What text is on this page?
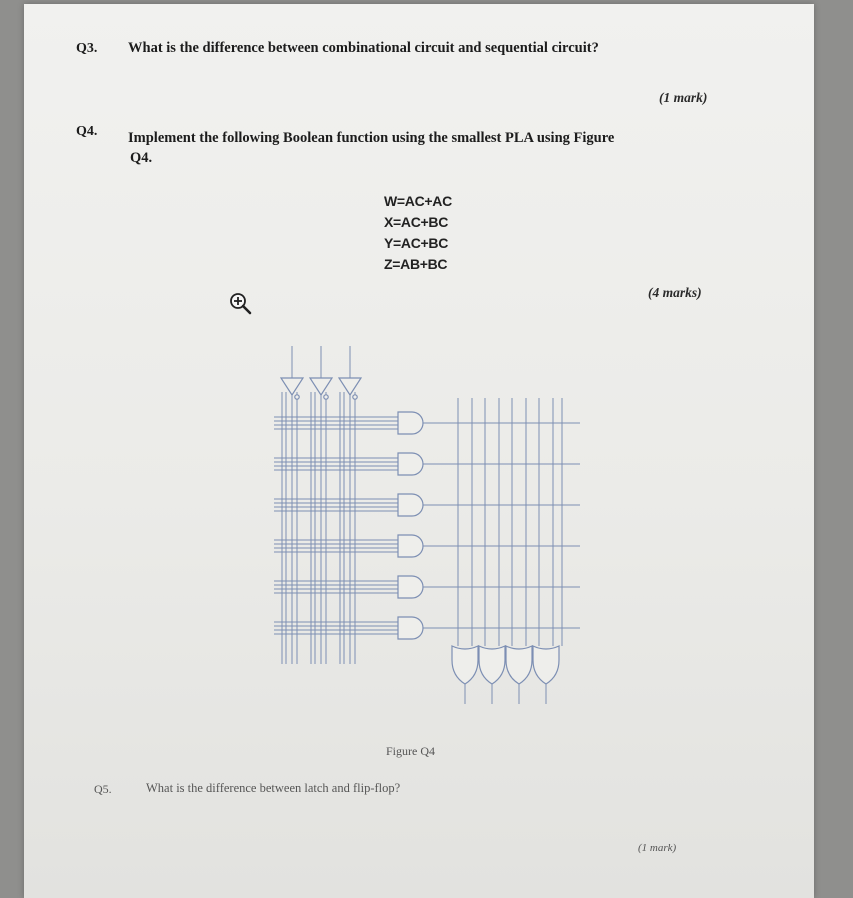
Q3. What is the difference between combinational circuit and sequential circuit?
(1 mark)
Q4. Implement the following Boolean function using the smallest PLA using Figure
Q4.
W=AC+AC
X=AC+BC
Y=AC+BC
Z=AB+BC
(4 marks)
Figure Q4
Q5.	What is the difference between latch and flip-flop?
(1 mark)
